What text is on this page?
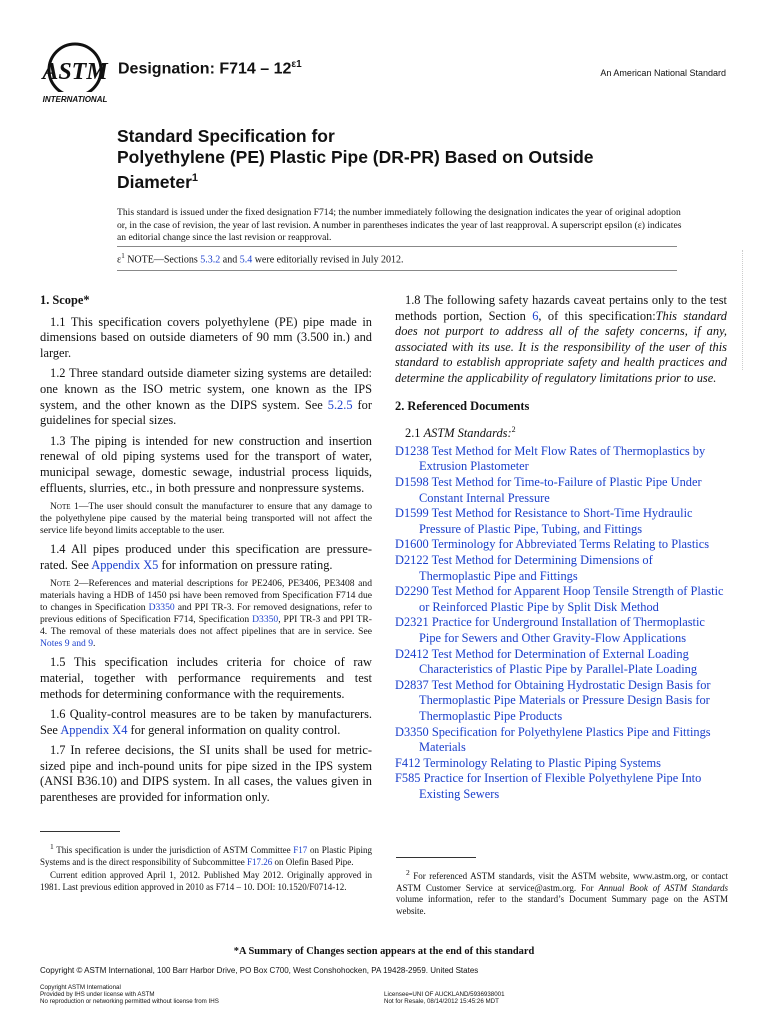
ASTM
INTERNATIONAL
Designation: $F714 - 12^{\varepsilon 1}$
An American National Standard
Standard Specification for
Polyethylene (PE) Plastic Pipe (DR-PR) Based on Outside
Diameter$^1$
This standard is issued under the fixed designation F714; the number immediately following the designation indicates the year of original adoption or, in the case of revision, the year of last revision. A number in parentheses indicates the year of last reapproval. A superscript epsilon (ε) indicates an editorial change since the last revision or reapproval.
$\varepsilon^1$ NOTE—Sections 5.3.2 and 5.4 were editorially revised in July 2012.
1. Scope*

1.1 This specification covers polyethylene (PE) pipe made in dimensions based on outside diameters of 90 mm (3.500 in.) and larger.

1.2 Three standard outside diameter sizing systems are detailed: one known as the ISO metric system, one known as the IPS system, and the other known as the DIPS system. See 5.2.5 for guidelines for special sizes.

1.3 The piping is intended for new construction and insertion renewal of old piping systems used for the transport of water, municipal sewage, domestic sewage, industrial process liquids, effluents, slurries, etc., in both pressure and nonpressure systems.

Note 1—The user should consult the manufacturer to ensure that any damage to the polyethylene pipe caused by the material being transported will not affect the service life beyond limits acceptable to the user.

1.4 All pipes produced under this specification are pressure-rated. See Appendix X5 for information on pressure rating.

Note 2—References and material descriptions for PE2406, PE3406, PE3408 and materials having a HDB of 1450 psi have been removed from Specification F714 due to changes in Specification D3350 and PPI TR-3. For removed designations, refer to previous editions of Specification F714, Specification D3350, PPI TR-3 and PPI TR-4. The removal of these materials does not affect pipelines that are in service. See Notes 9 and 9.

1.5 This specification includes criteria for choice of raw material, together with performance requirements and test methods for determining conformance with the requirements.

1.6 Quality-control measures are to be taken by manufacturers. See Appendix X4 for general information on quality control.

1.7 In referee decisions, the SI units shall be used for metric-sized pipe and inch-pound units for pipe sized in the IPS system (ANSI B36.10) and DIPS system. In all cases, the values given in parentheses are provided for information only.

1.8 The following safety hazards caveat pertains only to the test methods portion, Section 6, of this specification:This standard does not purport to address all of the safety concerns, if any, associated with its use. It is the responsibility of the user of this standard to establish appropriate safety and health practices and determine the applicability of regulatory limitations prior to use.

2. Referenced Documents

2.1 ASTM Standards:$^2$

D1238 Test Method for Melt Flow Rates of Thermoplastics by Extrusion Plastometer

D1598 Test Method for Time-to-Failure of Plastic Pipe Under Constant Internal Pressure

D1599 Test Method for Resistance to Short-Time Hydraulic Pressure of Plastic Pipe, Tubing, and Fittings

D1600 Terminology for Abbreviated Terms Relating to Plastics

D2122 Test Method for Determining Dimensions of Thermoplastic Pipe and Fittings

D2290 Test Method for Apparent Hoop Tensile Strength of Plastic or Reinforced Plastic Pipe by Split Disk Method

D2321 Practice for Underground Installation of Thermoplastic Pipe for Sewers and Other Gravity-Flow Applications

D2412 Test Method for Determination of External Loading Characteristics of Plastic Pipe by Parallel-Plate Loading

D2837 Test Method for Obtaining Hydrostatic Design Basis for Thermoplastic Pipe Materials or Pressure Design Basis for Thermoplastic Pipe Products

D3350 Specification for Polyethylene Plastics Pipe and Fittings Materials

F412 Terminology Relating to Plastic Piping Systems

F585 Practice for Insertion of Flexible Polyethylene Pipe Into Existing Sewers

$^1$ This specification is under the jurisdiction of ASTM Committee F17 on Plastic Piping Systems and is the direct responsibility of Subcommittee F17.26 on Olefin Based Pipe.

Current edition approved April 1, 2012. Published May 2012. Originally approved in 1981. Last previous edition approved in 2010 as F714 – 10. DOI: 10.1520/F0714-12.

$^2$ For referenced ASTM standards, visit the ASTM website, www.astm.org, or contact ASTM Customer Service at service@astm.org. For Annual Book of ASTM Standards volume information, refer to the standard’s Document Summary page on the ASTM website.

*A Summary of Changes section appears at the end of this standard
Copyright © ASTM International, 100 Barr Harbor Drive, PO Box C700, West Conshohocken, PA 19428-2959. United States
Copyright ASTM International
Provided by IHS under license with ASTM
No reproduction or networking permitted without license from IHS
Licensee=UNI OF AUCKLAND/5936938001
Not for Resale, 08/14/2012 15:45:26 MDT
